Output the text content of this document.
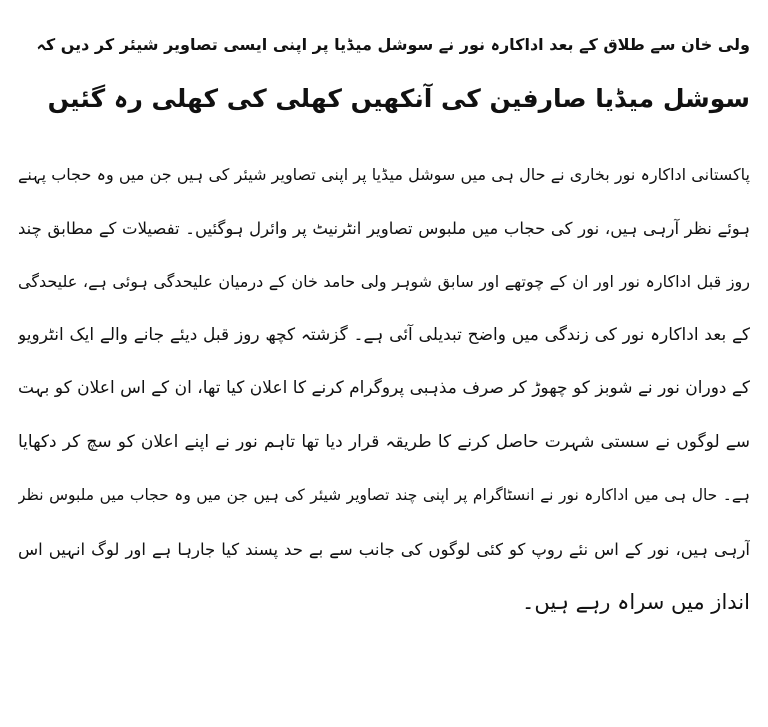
ولی خان سے طلاق کے بعد اداکارہ نور نے سوشل میڈیا پر اپنی ایسی تصاویر شیئر کر دیں کہ
سوشل میڈیا صارفین کی آنکھیں کھلی کی کھلی رہ گئیں
پاکستانی اداکارہ نور بخاری نے حال ہی میں سوشل میڈیا پر اپنی تصاویر شیئر کی ہیں جن میں وہ حجاب پہنے
ہوئے نظر آرہی ہیں، نور کی حجاب میں ملبوس تصاویر انٹرنیٹ پر وائرل ہوگئیں۔ تفصیلات کے مطابق چند
روز قبل اداکارہ نور اور ان کے چوتھے اور سابق شوہر ولی حامد خان کے درمیان علیحدگی ہوئی ہے، علیحدگی
کے بعد اداکارہ نور کی زندگی میں واضح تبدیلی آئی ہے۔ گزشتہ کچھ روز قبل دیئے جانے والے ایک انٹرویو
کے دوران نور نے شوبز کو چھوڑ کر صرف مذہبی پروگرام کرنے کا اعلان کیا تھا، ان کے اس اعلان کو بہت
سے لوگوں نے سستی شہرت حاصل کرنے کا طریقہ قرار دیا تھا تاہم نور نے اپنے اعلان کو سچ کر دکھایا
ہے۔ حال ہی میں اداکارہ نور نے انسٹاگرام پر اپنی چند تصاویر شیئر کی ہیں جن میں وہ حجاب میں ملبوس نظر
آرہی ہیں، نور کے اس نئے روپ کو کئی لوگوں کی جانب سے بے حد پسند کیا جارہا ہے اور لوگ انہیں اس
انداز میں سراہ رہے ہیں۔
